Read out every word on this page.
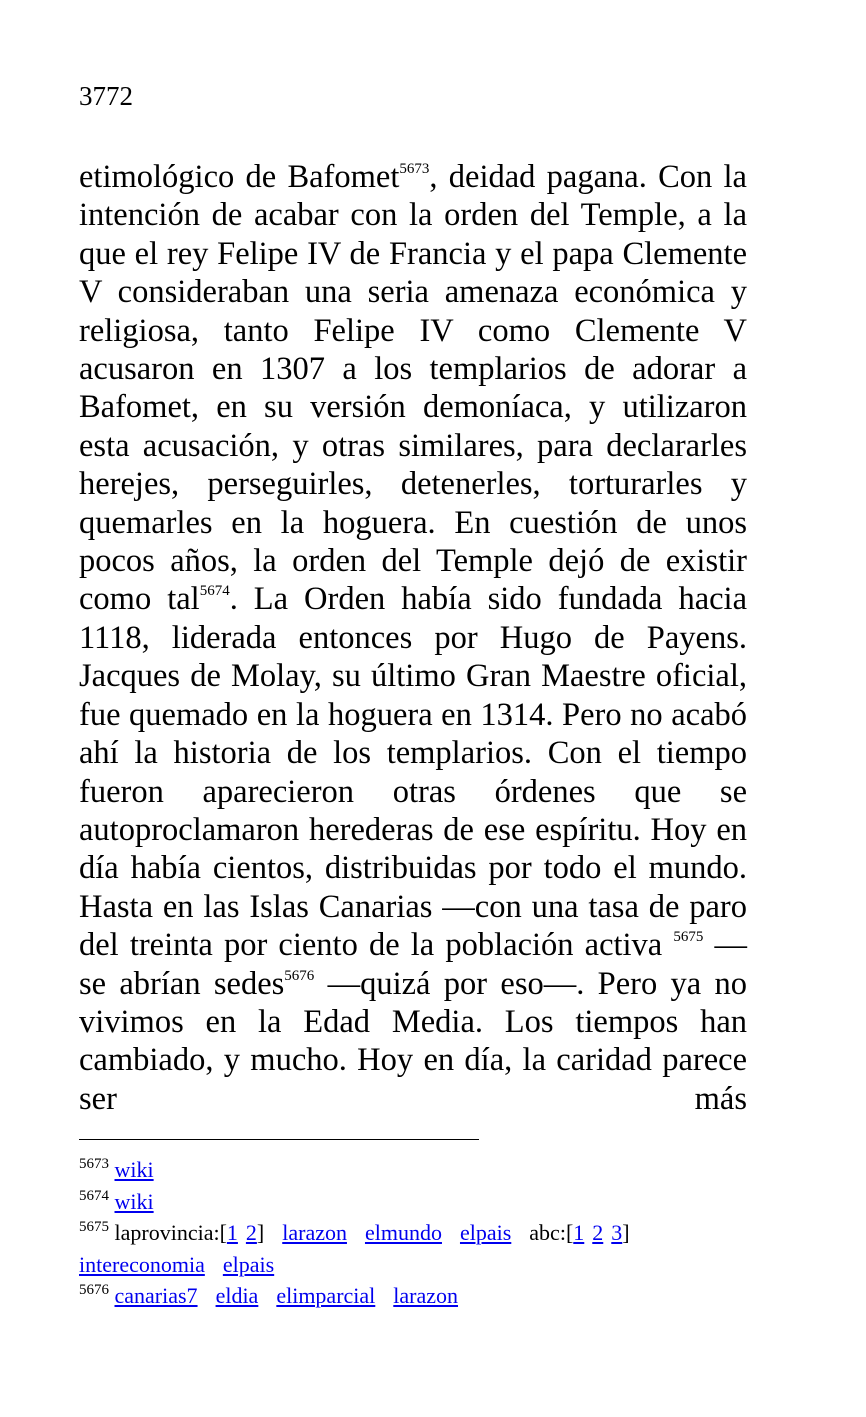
3772

etimológico de Bafomet$^{5673}$, deidad pagana. Con la intención de acabar con la orden del Temple, a la que el rey Felipe IV de Francia y el papa Clemente V consideraban una seria amenaza económica y religiosa, tanto Felipe IV como Clemente V acusaron en 1307 a los templarios de adorar a Bafomet, en su versión demoníaca, y utilizaron esta acusación, y otras similares, para declararles herejes, perseguirles, detenerles, torturarles y quemarles en la hoguera. En cuestión de unos pocos años, la orden del Temple dejó de existir como tal$^{5674}$. La Orden había sido fundada hacia 1118, liderada entonces por Hugo de Payens. Jacques de Molay, su último Gran Maestre oficial, fue quemado en la hoguera en 1314. Pero no acabó ahí la historia de los templarios. Con el tiempo fueron aparecieron otras órdenes que se autoproclamaron herederas de ese espíritu. Hoy en día había cientos, distribuidas por todo el mundo. Hasta en las Islas Canarias —con una tasa de paro del treinta por ciento de la población activa $^{5675}$ — se abrían sedes$^{5676}$ —quizá por eso—. Pero ya no vivimos en la Edad Media. Los tiempos han cambiado, y mucho. Hoy en día, la caridad parece ser más

$^{5673}$ wiki
$^{5674}$ wiki
$^{5675}$ laprovincia:[1 2] larazon elmundo elpais abc:[1 2 3]
intereconomia elpais
$^{5676}$ canarias7 eldia elimparcial larazon
